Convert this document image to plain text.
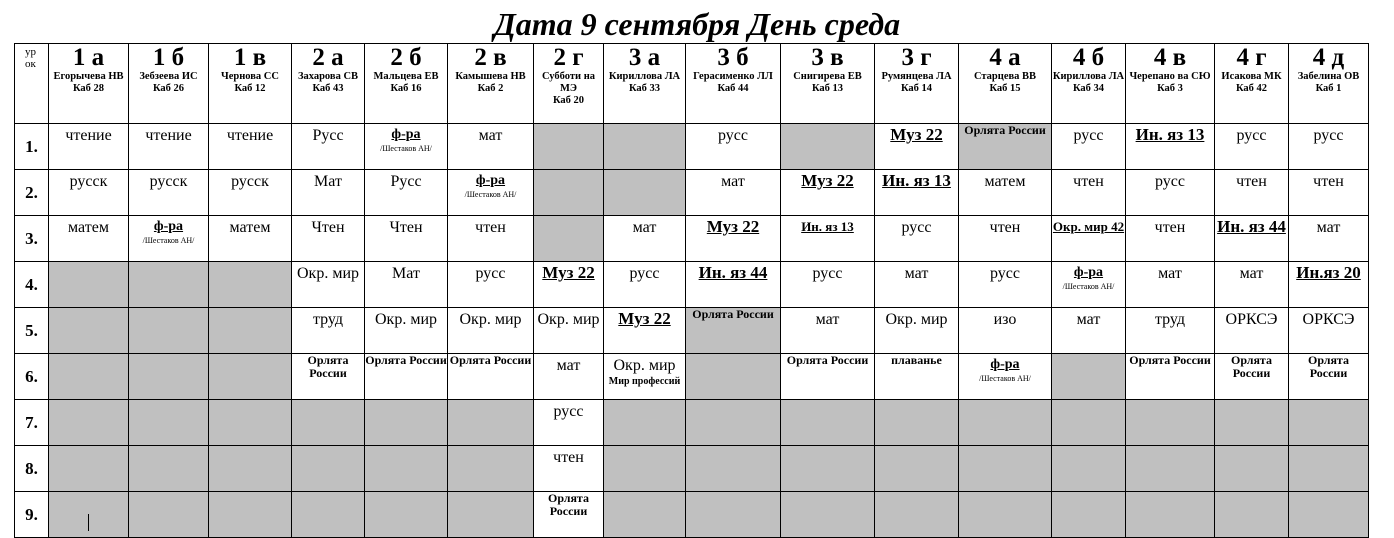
Дата 9 сентября День среда
ур ок	1 а
Егорычева НВ
Каб 28	1 б
Зебзеева ИС
Каб 26	1 в
Чернова СС
Каб 12	2 а
Захарова СВ
Каб 43	2 б
Мальцева ЕВ
Каб 16	2 в
Камышева НВ
Каб 2	2 г
Субботи на МЭ
Каб 20	3 а
Кириллова ЛА
Каб 33	3 б
Герасименко ЛЛ
Каб 44	3 в
Снигирева ЕВ
Каб 13	3 г
Румянцева ЛА
Каб 14	4 а
Старцева ВВ
Каб 15	4 б
Кириллова ЛА
Каб 34	4 в
Черепано ва СЮ
Каб 3	4 г
Исакова МК
Каб 42	4 д
Забелина ОВ
Каб 1

1.	чтение	чтение	чтение	Русс	ф-ра
/Шестаков АН/	мат			русс		Муз 22	Орлята России	русс	Ин. яз 13	русс	русс

2.	русск	русск	русск	Мат	Русс	ф-ра
/Шестаков АН/			мат	Муз 22	Ин. яз 13	матем	чтен	русс	чтен	чтен

3.	матем	ф-ра
/Шестаков АН/	матем	Чтен	Чтен	чтен		мат	Муз 22	Ин. яз 13	русс	чтен	Окр. мир 42	чтен	Ин. яз 44	мат

4.				Окр. мир	Мат	русс	Муз 22	русс	Ин. яз 44	русс	мат	русс	ф-ра
/Шестаков АН/	мат	мат	Ин.яз 20

5.				труд	Окр. мир	Окр. мир	Окр. мир	Муз 22	Орлята России	мат	Окр. мир	изо	мат	труд	ОРКСЭ	ОРКСЭ

6.				Орлята России	Орлята России	Орлята России	мат	Окр. мир
Мир профессий		Орлята России	плаванье	ф-ра
/Шестаков АН/		Орлята России	Орлята России	Орлята России

7.							русс									

8.							чтен									

9.							Орлята России									
